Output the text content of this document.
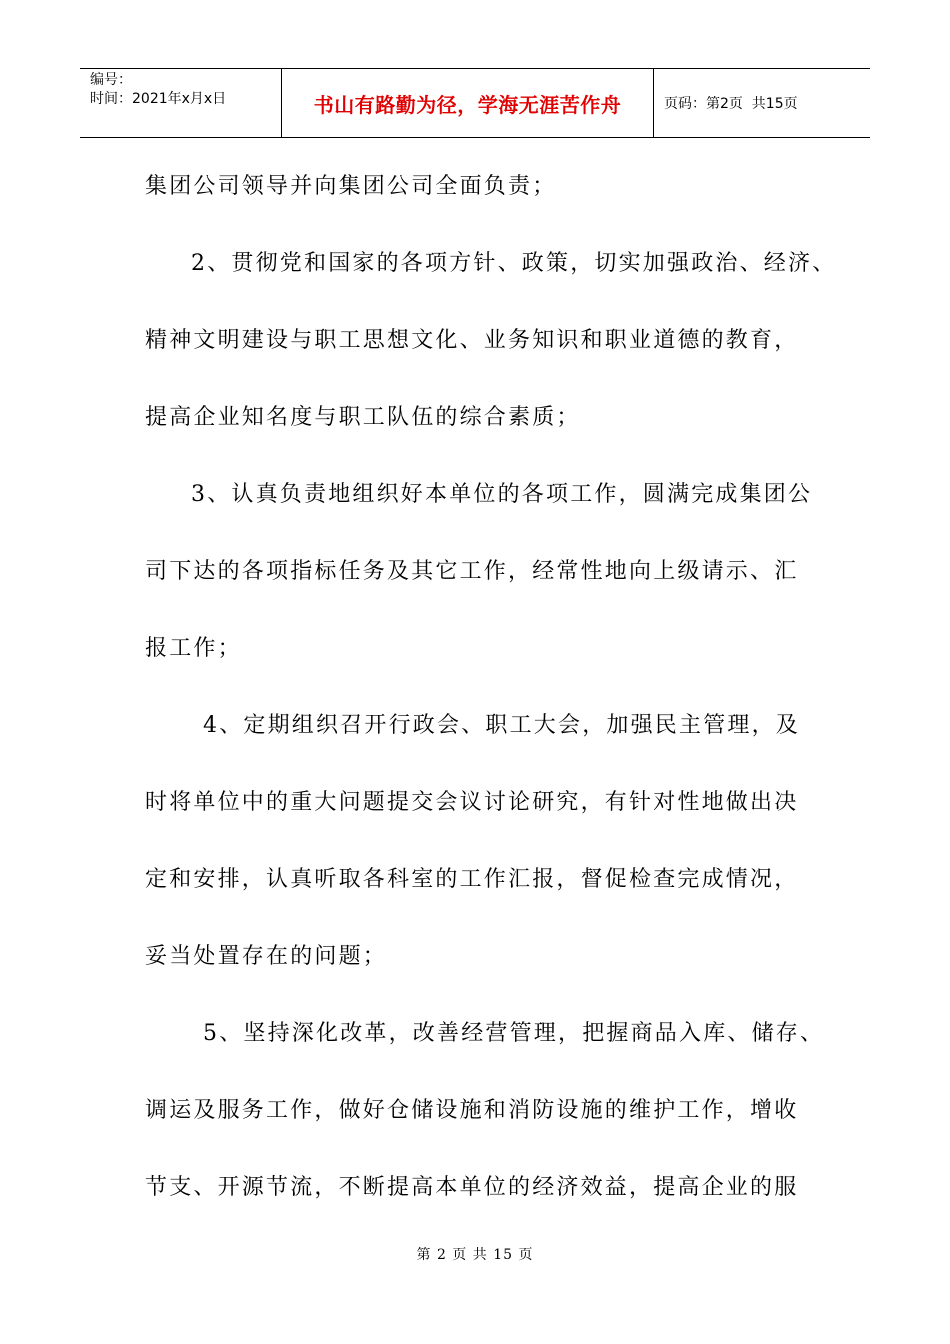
编号：
时间：2021年x月x日	书山有路勤为径，学海无涯苦作舟	页码：第2页  共15页
集团公司领导并向集团公司全面负责；
2、贯彻党和国家的各项方针、政策，切实加强政治、经济、
精神文明建设与职工思想文化、业务知识和职业道德的教育，
提高企业知名度与职工队伍的综合素质；
3、认真负责地组织好本单位的各项工作，圆满完成集团公
司下达的各项指标任务及其它工作，经常性地向上级请示、汇
报工作；
4、定期组织召开行政会、职工大会，加强民主管理，及
时将单位中的重大问题提交会议讨论研究，有针对性地做出决
定和安排，认真听取各科室的工作汇报，督促检查完成情况，
妥当处置存在的问题；
5、坚持深化改革，改善经营管理，把握商品入库、储存、
调运及服务工作，做好仓储设施和消防设施的维护工作，增收
节支、开源节流，不断提高本单位的经济效益，提高企业的服
第 2 页 共 15 页
